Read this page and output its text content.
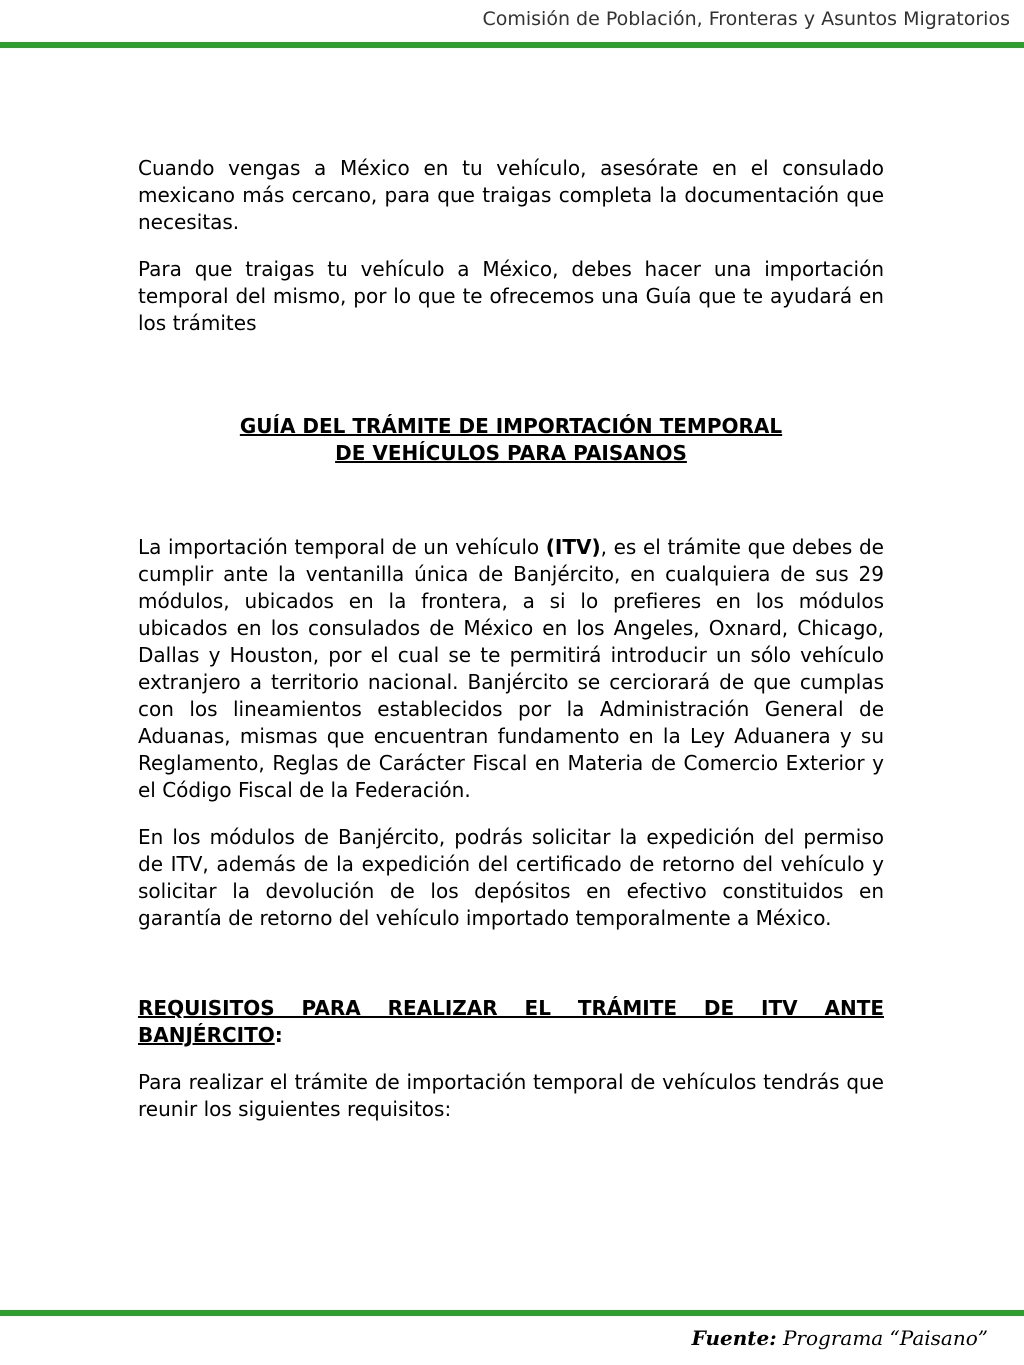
Comisión de Población, Fronteras y Asuntos Migratorios

Cuando vengas a México en tu vehículo, asesórate en el consulado mexicano más cercano, para que traigas completa la documentación que necesitas.

Para que traigas tu vehículo a México, debes hacer una importación temporal del mismo, por lo que te ofrecemos una Guía que te ayudará en los trámites

GUÍA DEL TRÁMITE DE IMPORTACIÓN TEMPORAL

DE VEHÍCULOS PARA PAISANOS

La importación temporal de un vehículo (ITV), es el trámite que debes de cumplir ante la ventanilla única de Banjército, en cualquiera de sus 29 módulos, ubicados en la frontera, a si lo prefieres en los módulos ubicados en los consulados de México en los Angeles, Oxnard, Chicago, Dallas y Houston, por el cual se te permitirá introducir un sólo vehículo extranjero a territorio nacional. Banjército se cerciorará de que cumplas con los lineamientos establecidos por la Administración General de Aduanas, mismas que encuentran fundamento en la Ley Aduanera y su Reglamento, Reglas de Carácter Fiscal en Materia de Comercio Exterior y el Código Fiscal de la Federación.

En los módulos de Banjército, podrás solicitar la expedición del permiso de ITV, además de la expedición del certificado de retorno del vehículo y solicitar la devolución de los depósitos en efectivo constituidos en garantía de retorno del vehículo importado temporalmente a México.

REQUISITOS PARA REALIZAR EL TRÁMITE DE ITV ANTE BANJÉRCITO:

Para realizar el trámite de importación temporal de vehículos tendrás que reunir los siguientes requisitos:

Fuente: Programa “Paisano”
